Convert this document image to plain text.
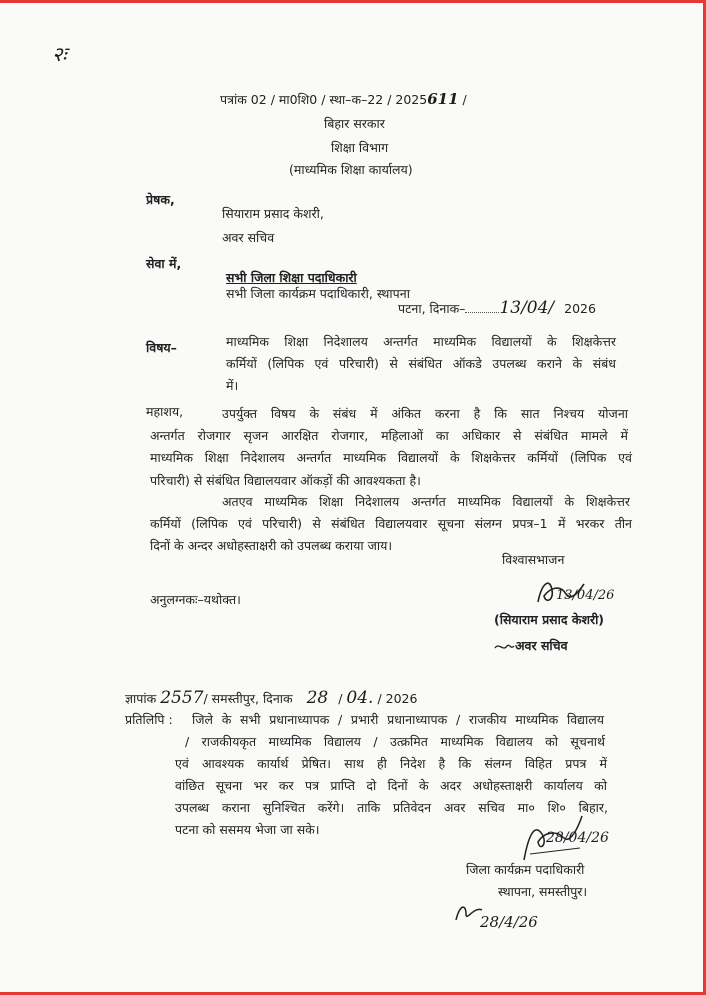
२ः
पत्रांक 02 / मा0शि0 / स्था–क–22 / 2025611 /
बिहार सरकार
शिक्षा विभाग
(माध्यमिक शिक्षा कार्यालय)
प्रेषक,
सियाराम प्रसाद केशरी,
अवर सचिव
सेवा में,
सभी जिला शिक्षा पदाधिकारी
सभी जिला कार्यक्रम पदाधिकारी, स्थापना
पटना, दिनाक– 13/04/ 2026
विषय–	माध्यमिक शिक्षा निदेशालय अन्तर्गत माध्यमिक विद्यालयों के शिक्षकेत्तर
कर्मियों (लिपिक एवं परिचारी) से संबंधित ऑकडे उपलब्ध कराने के संबंध
में।
महाशय,	उपर्युक्त विषय के संबंध में अंकित करना है कि सात निश्चय योजना
अन्तर्गत रोजगार सृजन आरक्षित रोजगार, महिलाओं का अधिकार से संबंधित मामले में
माध्यमिक शिक्षा निदेशालय अन्तर्गत माध्यमिक विद्यालयों के शिक्षकेत्तर कर्मियों (लिपिक एवं
परिचारी) से संबंधित विद्यालयवार ऑकड़ों की आवश्यकता है।
अतएव माध्यमिक शिक्षा निदेशालय अन्तर्गत माध्यमिक विद्यालयों के शिक्षकेत्तर
कर्मियों (लिपिक एवं परिचारी) से संबंधित विद्यालयवार सूचना संलग्न प्रपत्र–1 में भरकर तीन
दिनों के अन्दर अधोहस्ताक्षरी को उपलब्ध कराया जाय।
विश्वासभाजन
अनुलग्नकः–यथोक्त।	13/04/26
(सियाराम प्रसाद केशरी)
अवर सचिव
ज्ञापांक 2557/ समस्तीपुर, दिनाक 28 / 04. / 2026
प्रतिलिपि : जिले के सभी प्रधानाध्यापक / प्रभारी प्रधानाध्यापक / राजकीय माध्यमिक विद्यालय
/ राजकीयकृत माध्यमिक विद्यालय / उत्क्रमित माध्यमिक विद्यालय को सूचनार्थ
एवं आवश्यक कार्यार्थ प्रेषित। साथ ही निदेश है कि संलग्न विहित प्रपत्र में
वांछित सूचना भर कर पत्र प्राप्ति दो दिनों के अदर अधोहस्ताक्षरी कार्यालय को
उपलब्ध कराना सुनिश्चित करेंगे। ताकि प्रतिवेदन अवर सचिव मा० शि० बिहार,
पटना को ससमय भेजा जा सके।
28/04/26
जिला कार्यक्रम पदाधिकारी
स्थापना, समस्तीपुर।
28/4/26
